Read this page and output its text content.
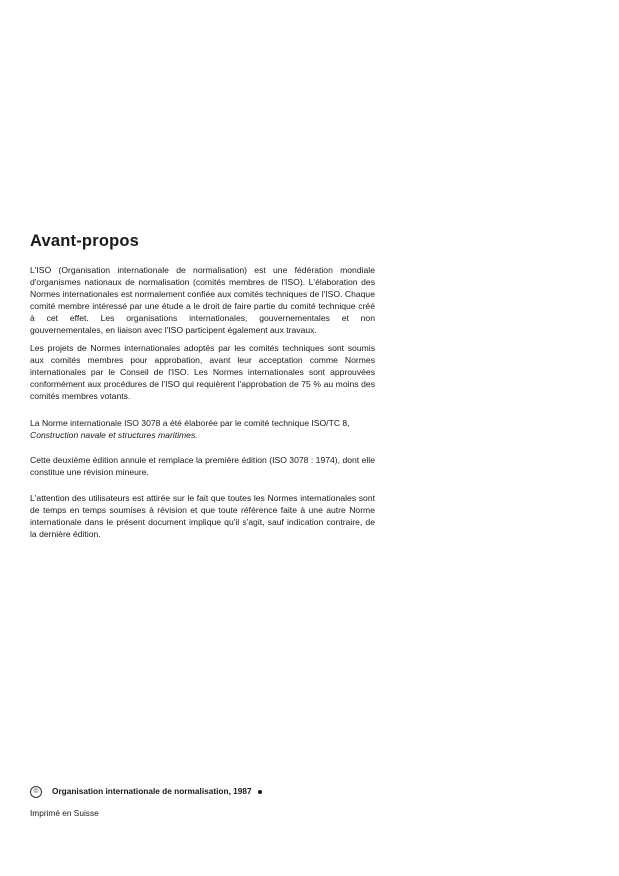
Avant-propos

L'ISO (Organisation internationale de normalisation) est une fédération mondiale d'organismes nationaux de normalisation (comités membres de l'ISO). L'élaboration des Normes internationales est normalement confiée aux comités techniques de l'ISO. Chaque comité membre intéressé par une étude a le droit de faire partie du comité technique créé à cet effet. Les organisations internationales, gouvernementales et non gouvernementales, en liaison avec l'ISO participent également aux travaux.

Les projets de Normes internationales adoptés par les comités techniques sont soumis aux comités membres pour approbation, avant leur acceptation comme Normes internationales par le Conseil de l'ISO. Les Normes internationales sont approuvées conformément aux procédures de l'ISO qui requièrent l'approbation de 75 % au moins des comités membres votants.

La Norme internationale ISO 3078 a été élaborée par le comité technique ISO/TC 8,
Construction navale et structures maritimes.

Cette deuxième édition annule et remplace la première édition (ISO 3078 : 1974), dont elle constitue une révision mineure.

L'attention des utilisateurs est attirée sur le fait que toutes les Normes internationales sont de temps en temps soumises à révision et que toute référence faite à une autre Norme internationale dans le présent document implique qu'il s'agit, sauf indication contraire, de la dernière édition.

© Organisation internationale de normalisation, 1987
Imprimé en Suisse
